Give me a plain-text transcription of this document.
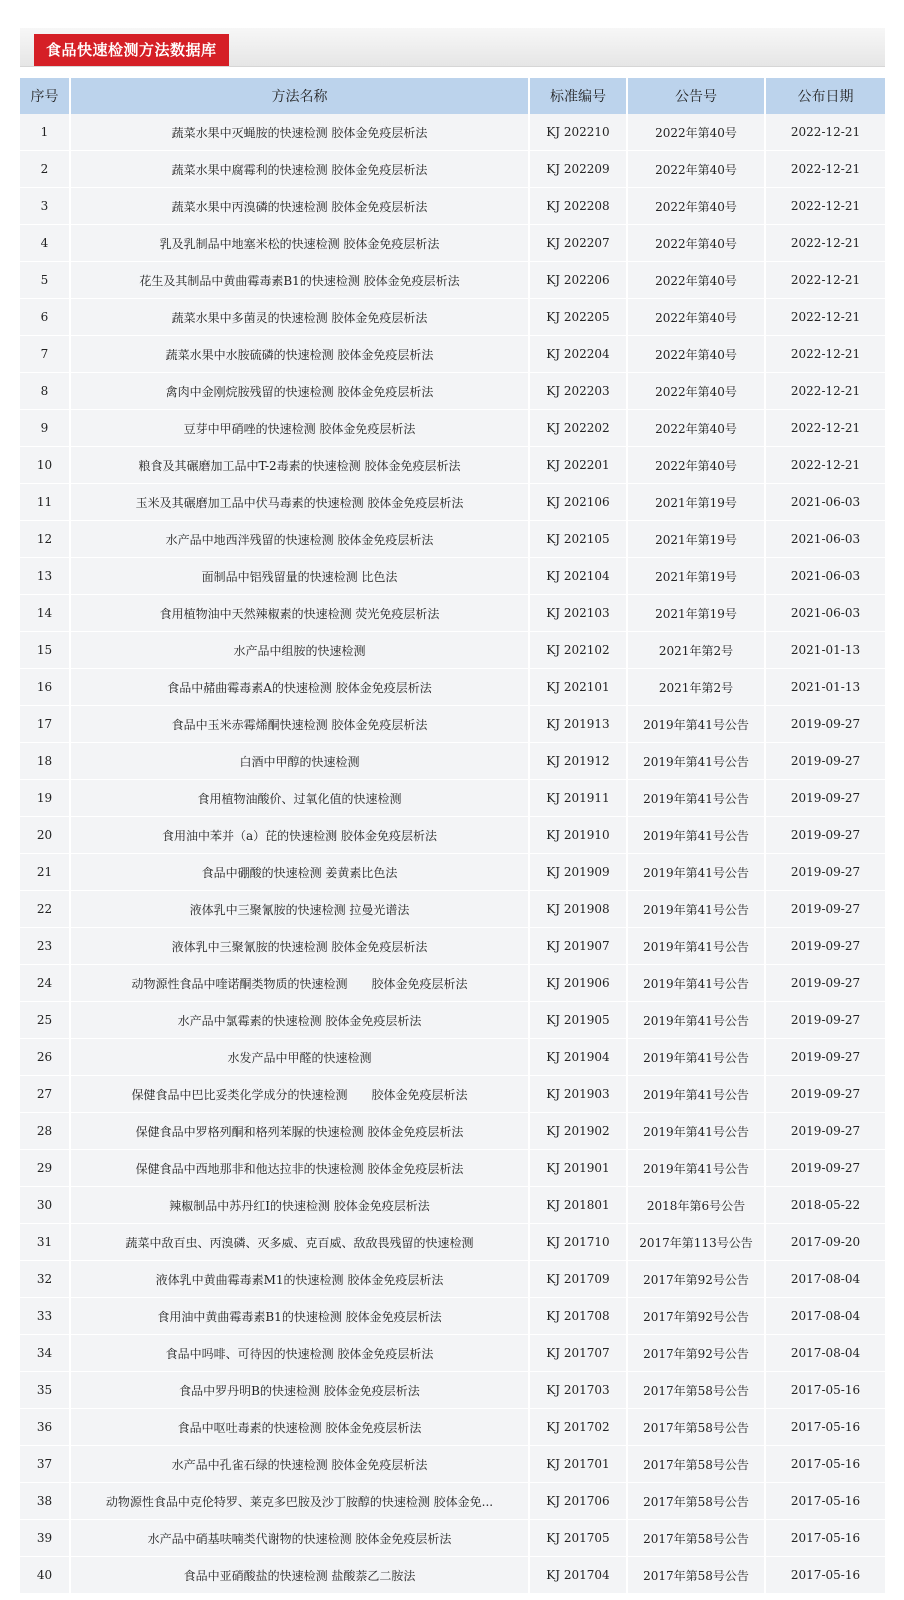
食品快速检测方法数据库
序号	方法名称	标准编号	公告号	公布日期
1	蔬菜水果中灭蝇胺的快速检测 胶体金免疫层析法	KJ 202210	2022年第40号	2022-12-21
2	蔬菜水果中腐霉利的快速检测 胶体金免疫层析法	KJ 202209	2022年第40号	2022-12-21
3	蔬菜水果中丙溴磷的快速检测 胶体金免疫层析法	KJ 202208	2022年第40号	2022-12-21
4	乳及乳制品中地塞米松的快速检测 胶体金免疫层析法	KJ 202207	2022年第40号	2022-12-21
5	花生及其制品中黄曲霉毒素B1的快速检测 胶体金免疫层析法	KJ 202206	2022年第40号	2022-12-21
6	蔬菜水果中多菌灵的快速检测 胶体金免疫层析法	KJ 202205	2022年第40号	2022-12-21
7	蔬菜水果中水胺硫磷的快速检测 胶体金免疫层析法	KJ 202204	2022年第40号	2022-12-21
8	禽肉中金刚烷胺残留的快速检测 胶体金免疫层析法	KJ 202203	2022年第40号	2022-12-21
9	豆芽中甲硝唑的快速检测 胶体金免疫层析法	KJ 202202	2022年第40号	2022-12-21
10	粮食及其碾磨加工品中T-2毒素的快速检测 胶体金免疫层析法	KJ 202201	2022年第40号	2022-12-21
11	玉米及其碾磨加工品中伏马毒素的快速检测 胶体金免疫层析法	KJ 202106	2021年第19号	2021-06-03
12	水产品中地西泮残留的快速检测 胶体金免疫层析法	KJ 202105	2021年第19号	2021-06-03
13	面制品中铝残留量的快速检测 比色法	KJ 202104	2021年第19号	2021-06-03
14	食用植物油中天然辣椒素的快速检测 荧光免疫层析法	KJ 202103	2021年第19号	2021-06-03
15	水产品中组胺的快速检测	KJ 202102	2021年第2号	2021-01-13
16	食品中赭曲霉毒素A的快速检测 胶体金免疫层析法	KJ 202101	2021年第2号	2021-01-13
17	食品中玉米赤霉烯酮快速检测 胶体金免疫层析法	KJ 201913	2019年第41号公告	2019-09-27
18	白酒中甲醇的快速检测	KJ 201912	2019年第41号公告	2019-09-27
19	食用植物油酸价、过氧化值的快速检测	KJ 201911	2019年第41号公告	2019-09-27
20	食用油中苯并（a）芘的快速检测 胶体金免疫层析法	KJ 201910	2019年第41号公告	2019-09-27
21	食品中硼酸的快速检测 姜黄素比色法	KJ 201909	2019年第41号公告	2019-09-27
22	液体乳中三聚氰胺的快速检测 拉曼光谱法	KJ 201908	2019年第41号公告	2019-09-27
23	液体乳中三聚氰胺的快速检测 胶体金免疫层析法	KJ 201907	2019年第41号公告	2019-09-27
24	动物源性食品中喹诺酮类物质的快速检测　　胶体金免疫层析法	KJ 201906	2019年第41号公告	2019-09-27
25	水产品中氯霉素的快速检测 胶体金免疫层析法	KJ 201905	2019年第41号公告	2019-09-27
26	水发产品中甲醛的快速检测	KJ 201904	2019年第41号公告	2019-09-27
27	保健食品中巴比妥类化学成分的快速检测　　胶体金免疫层析法	KJ 201903	2019年第41号公告	2019-09-27
28	保健食品中罗格列酮和格列苯脲的快速检测 胶体金免疫层析法	KJ 201902	2019年第41号公告	2019-09-27
29	保健食品中西地那非和他达拉非的快速检测 胶体金免疫层析法	KJ 201901	2019年第41号公告	2019-09-27
30	辣椒制品中苏丹红I的快速检测 胶体金免疫层析法	KJ 201801	2018年第6号公告	2018-05-22
31	蔬菜中敌百虫、丙溴磷、灭多威、克百威、敌敌畏残留的快速检测	KJ 201710	2017年第113号公告	2017-09-20
32	液体乳中黄曲霉毒素M1的快速检测 胶体金免疫层析法	KJ 201709	2017年第92号公告	2017-08-04
33	食用油中黄曲霉毒素B1的快速检测 胶体金免疫层析法	KJ 201708	2017年第92号公告	2017-08-04
34	食品中吗啡、可待因的快速检测 胶体金免疫层析法	KJ 201707	2017年第92号公告	2017-08-04
35	食品中罗丹明B的快速检测 胶体金免疫层析法	KJ 201703	2017年第58号公告	2017-05-16
36	食品中呕吐毒素的快速检测 胶体金免疫层析法	KJ 201702	2017年第58号公告	2017-05-16
37	水产品中孔雀石绿的快速检测 胶体金免疫层析法	KJ 201701	2017年第58号公告	2017-05-16
38	动物源性食品中克伦特罗、莱克多巴胺及沙丁胺醇的快速检测 胶体金免...	KJ 201706	2017年第58号公告	2017-05-16
39	水产品中硝基呋喃类代谢物的快速检测 胶体金免疫层析法	KJ 201705	2017年第58号公告	2017-05-16
40	食品中亚硝酸盐的快速检测 盐酸萘乙二胺法	KJ 201704	2017年第58号公告	2017-05-16
